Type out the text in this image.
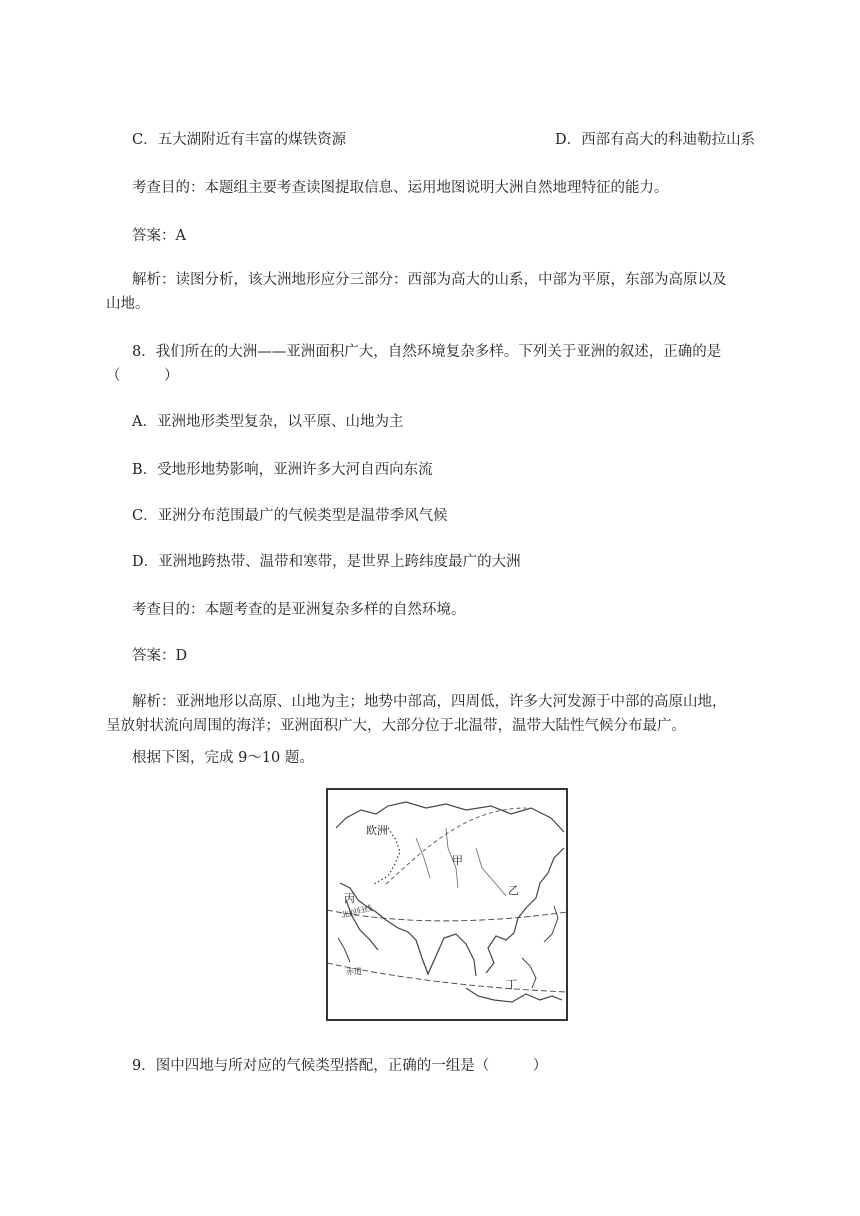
C．五大湖附近有丰富的煤铁资源	D．西部有高大的科迪勒拉山系
考查目的：本题组主要考查读图提取信息、运用地图说明大洲自然地理特征的能力。
答案：A
解析：读图分析，该大洲地形应分三部分：西部为高大的山系，中部为平原，东部为高原以及山地。
8．我们所在的大洲——亚洲面积广大，自然环境复杂多样。下列关于亚洲的叙述，正确的是（　　　）
A．亚洲地形类型复杂，以平原、山地为主
B．受地形地势影响，亚洲许多大河自西向东流
C．亚洲分布范围最广的气候类型是温带季风气候
D．亚洲地跨热带、温带和寒带，是世界上跨纬度最广的大洲
考查目的：本题考查的是亚洲复杂多样的自然环境。
答案：D
解析：亚洲地形以高原、山地为主；地势中部高，四周低，许多大河发源于中部的高原山地，呈放射状流向周围的海洋；亚洲面积广大，大部分位于北温带，温带大陆性气候分布最广。
根据下图，完成 9～10 题。
欧洲
甲
乙
丙
丁
北回归线
赤道
9．图中四地与所对应的气候类型搭配，正确的一组是（　　　）
